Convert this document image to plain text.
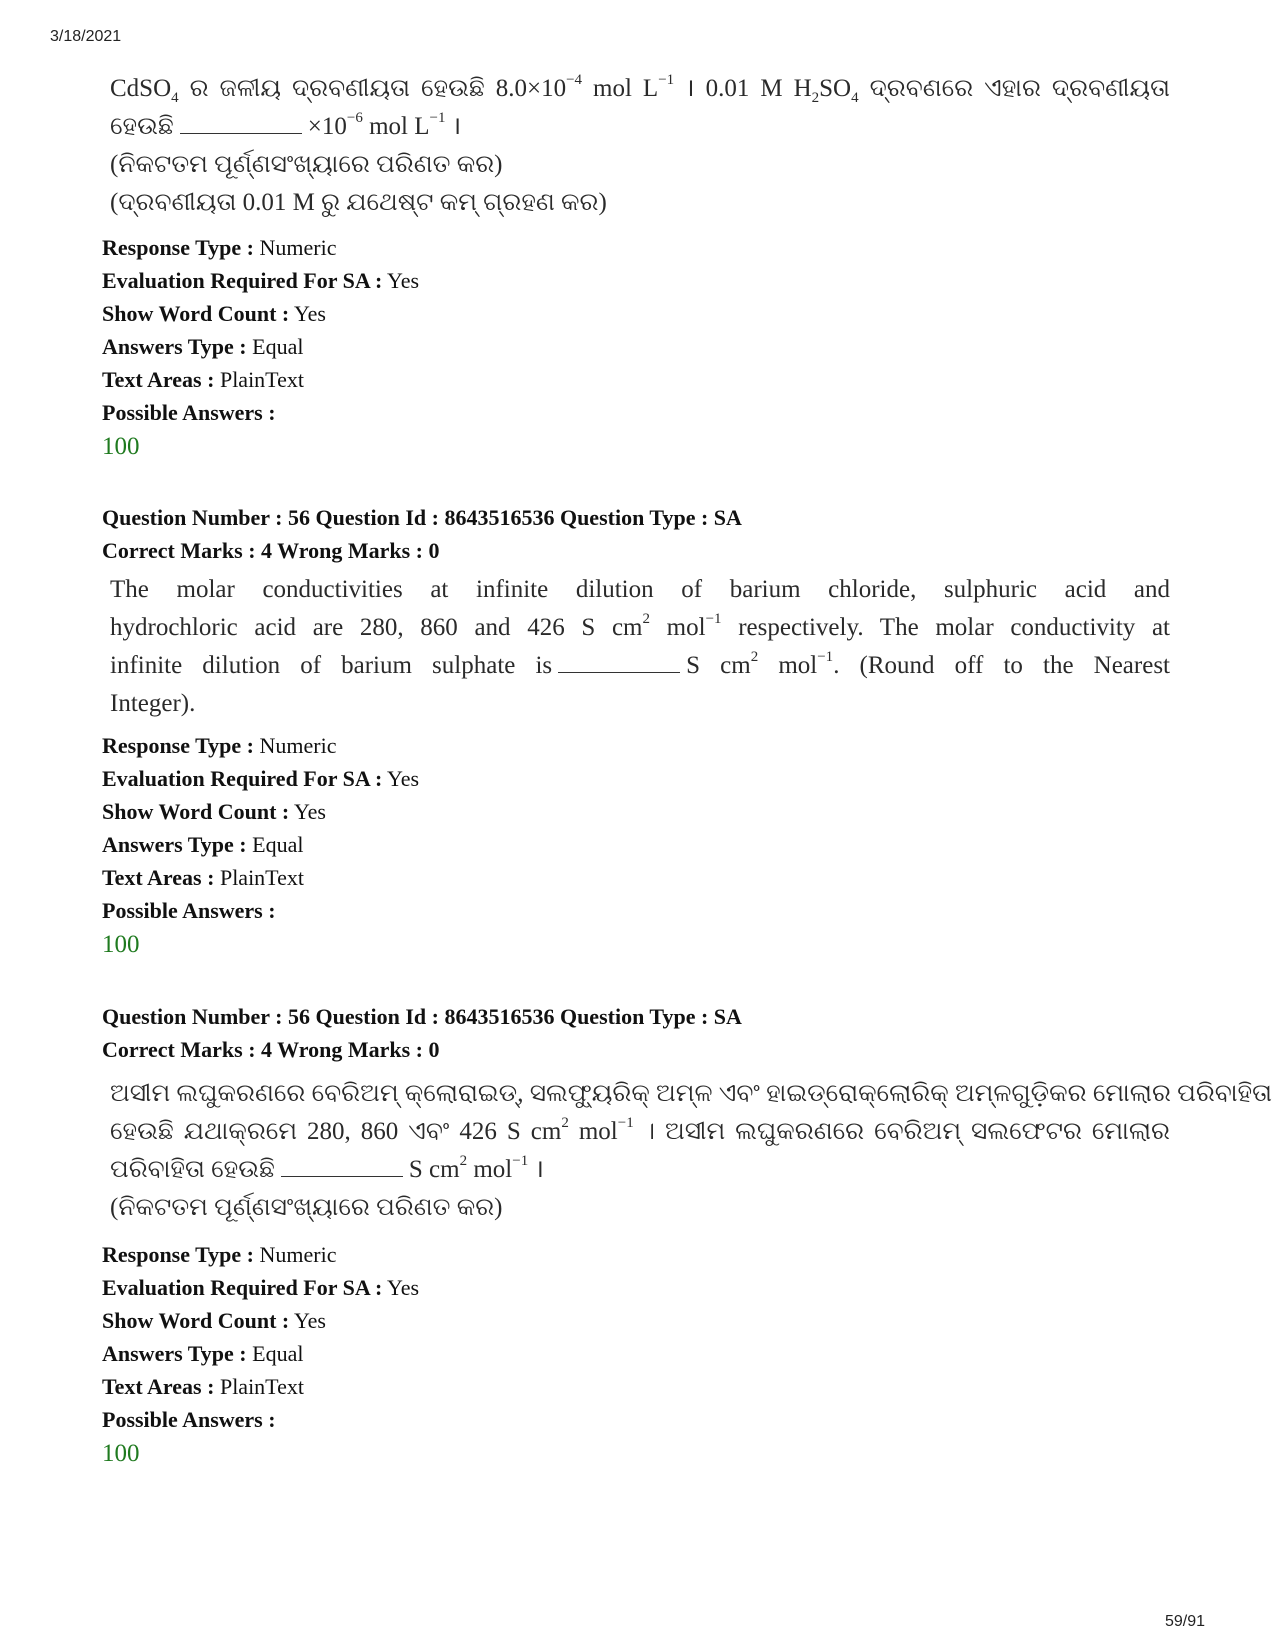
3/18/2021
CdSO$_4$ ର ଜଳୀୟ ଦ୍ରବଣୀୟତା ହେଉଛି $8.0\times 10^{-4}$ mol $L^{-1}$ । 0.01 M $H_2SO_4$ ଦ୍ରବଣରେ ଏହାର ଦ୍ରବଣୀୟତା
ହେଉଛି	$\times 10^{-6}$ mol $L^{-1}$ ।
(ନିକଟତମ ପୂର୍ଣ୍ଣସଂଖ୍ୟାରେ ପରିଣତ କର)
(ଦ୍ରବଣୀୟତା 0.01 M ରୁ ଯଥେଷ୍ଟ କମ୍ ଗ୍ରହଣ କର)
Response Type : Numeric
Evaluation Required For SA : Yes
Show Word Count : Yes
Answers Type : Equal
Text Areas : PlainText
Possible Answers :
100
Question Number : 56 Question Id : 8643516536 Question Type : SA
Correct Marks : 4 Wrong Marks : 0
The molar conductivities at infinite dilution of barium chloride, sulphuric acid and
hydrochloric acid are 280, 860 and 426 S $cm^2$ mol$^{-1}$ respectively. The molar conductivity at
infinite dilution of barium sulphate is	S $cm^2$ mol$^{-1}$. (Round off to the Nearest
Integer).
Response Type : Numeric
Evaluation Required For SA : Yes
Show Word Count : Yes
Answers Type : Equal
Text Areas : PlainText
Possible Answers :
100
Question Number : 56 Question Id : 8643516536 Question Type : SA
Correct Marks : 4 Wrong Marks : 0
ଅସୀମ ଲଘୁକରଣରେ ବେରିଅମ୍ କ୍ଲୋରାଇଡ୍, ସଲଫ୍ୟୁରିକ୍ ଅମ୍ଳ ଏବଂ ହାଇଡ୍ରୋକ୍ଲୋରିକ୍ ଅମ୍ଳଗୁଡ଼ିକର ମୋଲାର ପରିବାହିତା
ହେଉଛି ଯଥାକ୍ରମେ 280, 860 ଏବଂ 426 S $cm^2$ mol$^{-1}$ । ଅସୀମ ଲଘୁକରଣରେ ବେରିଅମ୍ ସଲଫେଟର ମୋଲାର
ପରିବାହିତା ହେଉଛି	S $cm^2$ mol$^{-1}$ ।
(ନିକଟତମ ପୂର୍ଣ୍ଣସଂଖ୍ୟାରେ ପରିଣତ କର)
Response Type : Numeric
Evaluation Required For SA : Yes
Show Word Count : Yes
Answers Type : Equal
Text Areas : PlainText
Possible Answers :
100
59/91
